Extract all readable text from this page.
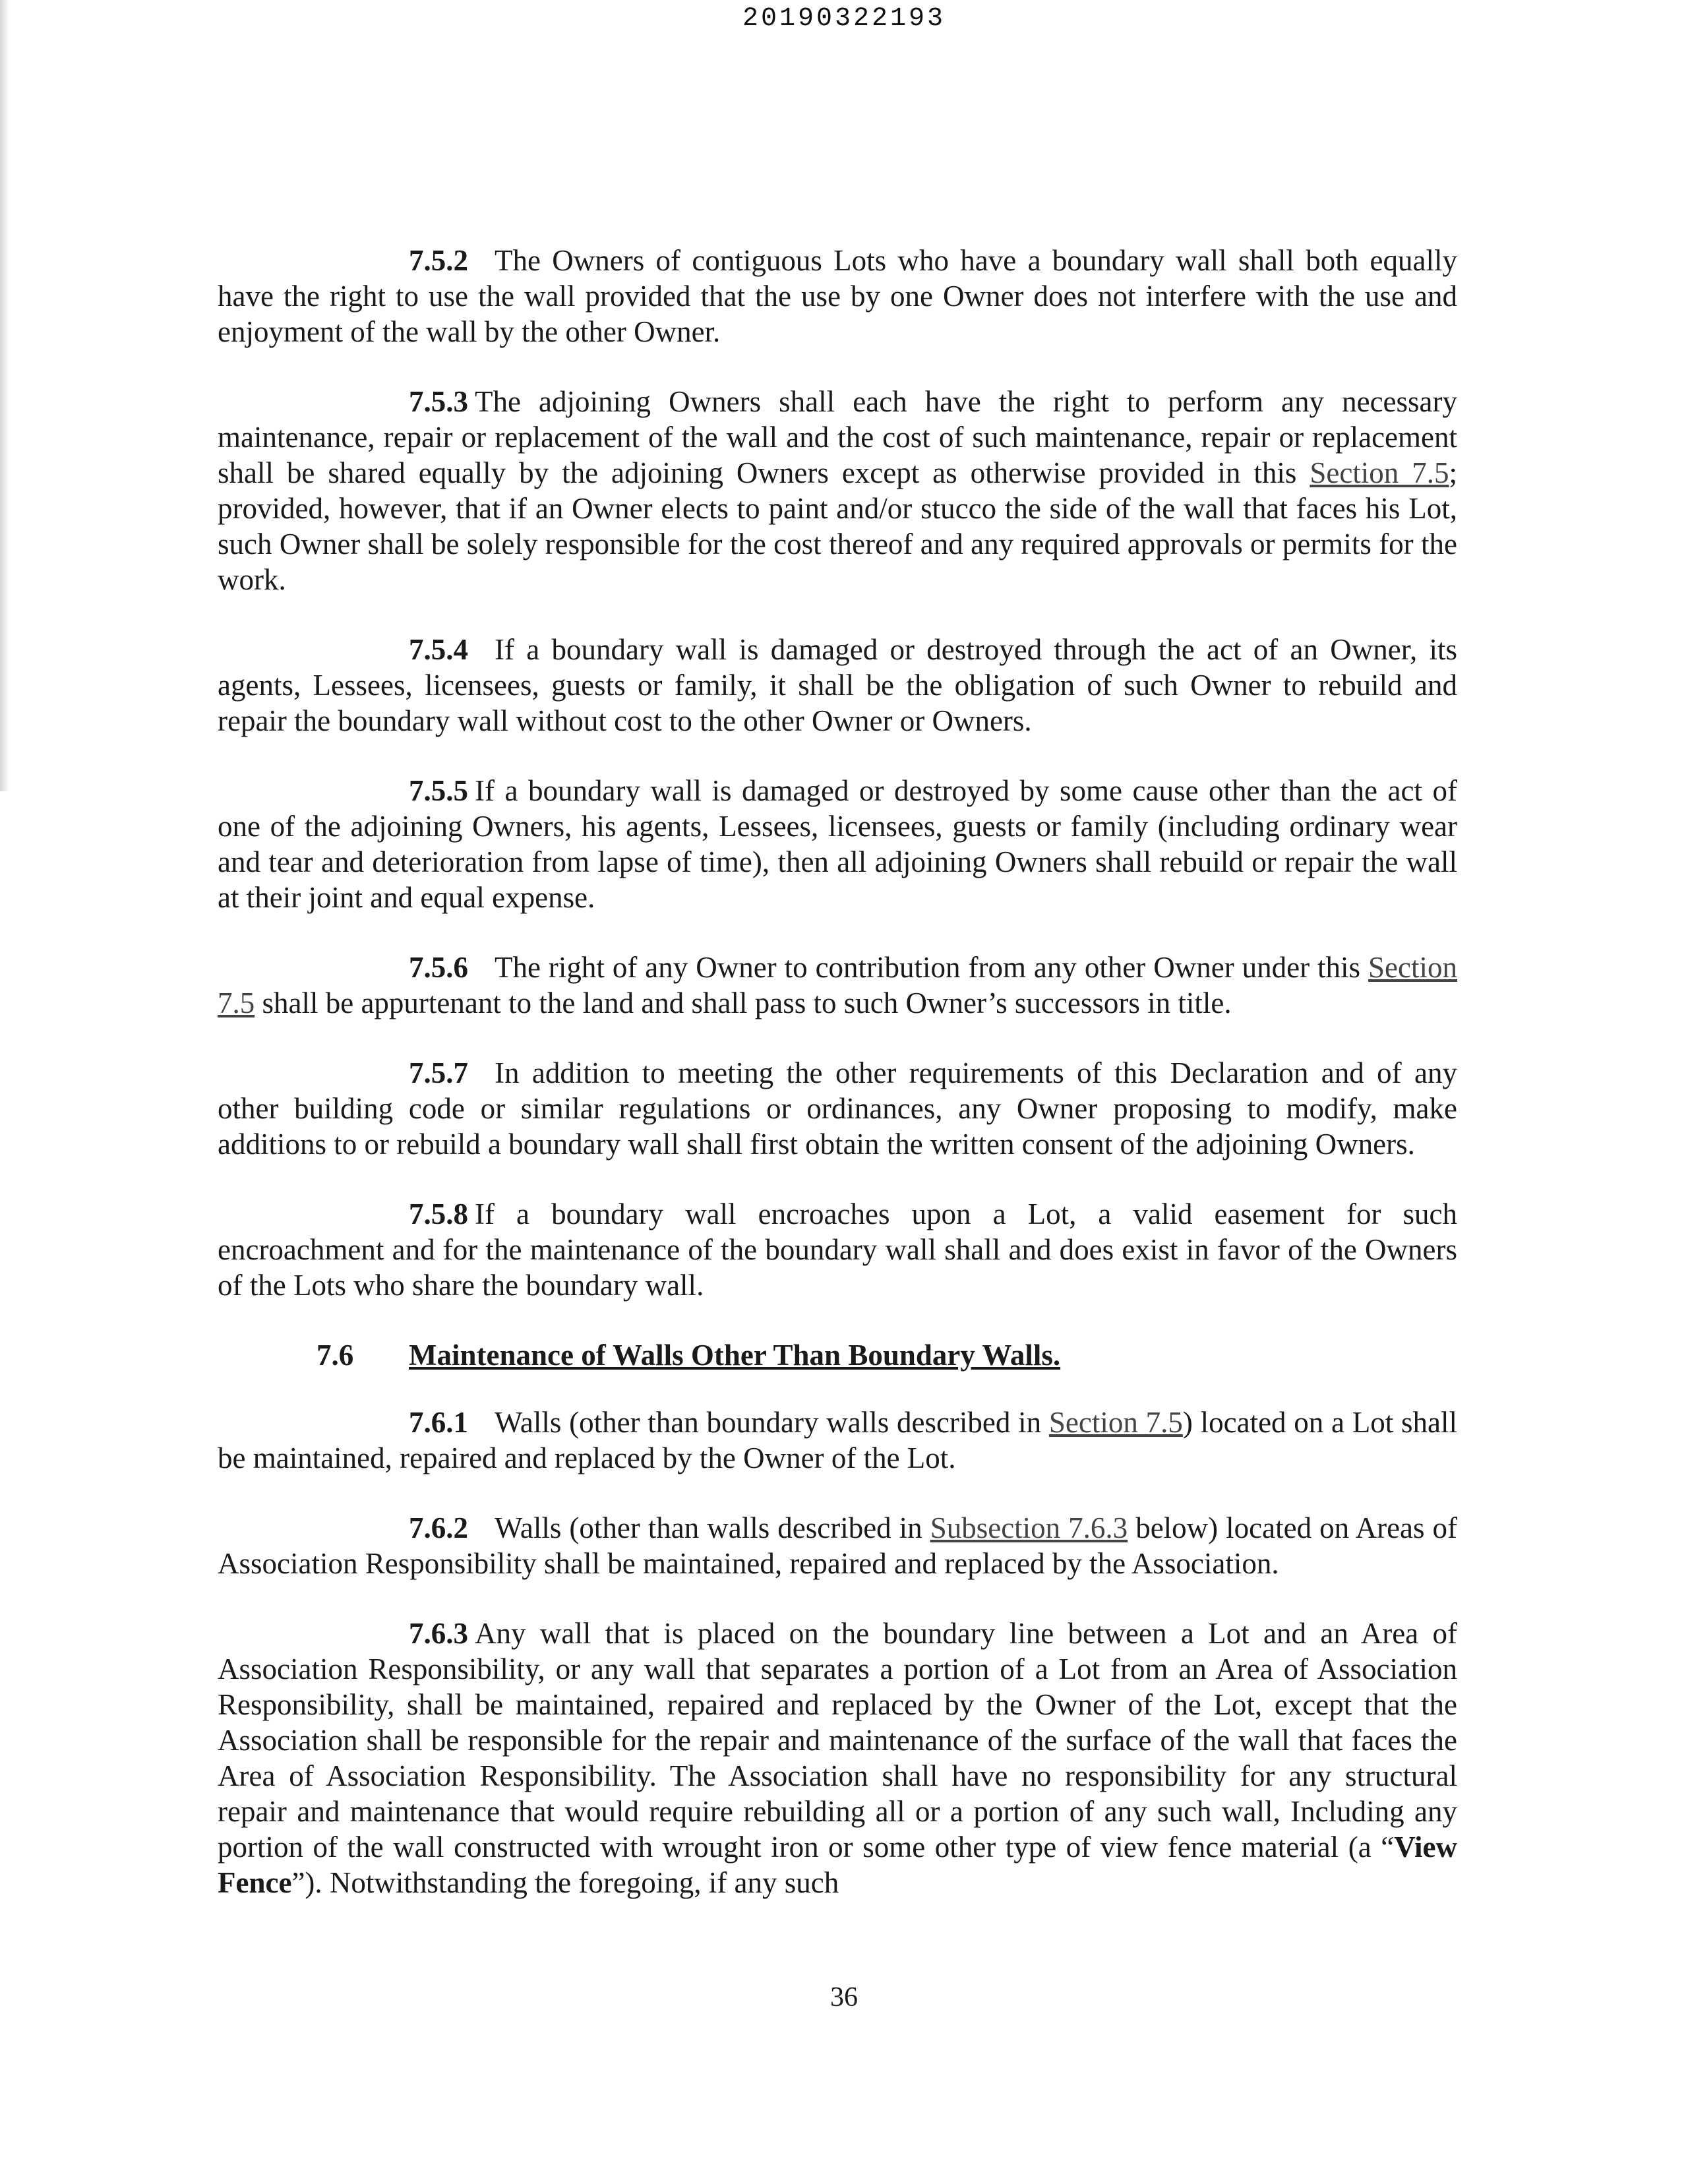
20190322193

7.5.2 The Owners of contiguous Lots who have a boundary wall shall both equally have the right to use the wall provided that the use by one Owner does not interfere with the use and enjoyment of the wall by the other Owner.

7.5.3 The adjoining Owners shall each have the right to perform any necessary maintenance, repair or replacement of the wall and the cost of such maintenance, repair or replacement shall be shared equally by the adjoining Owners except as otherwise provided in this Section 7.5; provided, however, that if an Owner elects to paint and/or stucco the side of the wall that faces his Lot, such Owner shall be solely responsible for the cost thereof and any required approvals or permits for the work.

7.5.4 If a boundary wall is damaged or destroyed through the act of an Owner, its agents, Lessees, licensees, guests or family, it shall be the obligation of such Owner to rebuild and repair the boundary wall without cost to the other Owner or Owners.

7.5.5 If a boundary wall is damaged or destroyed by some cause other than the act of one of the adjoining Owners, his agents, Lessees, licensees, guests or family (including ordinary wear and tear and deterioration from lapse of time), then all adjoining Owners shall rebuild or repair the wall at their joint and equal expense.

7.5.6 The right of any Owner to contribution from any other Owner under this Section 7.5 shall be appurtenant to the land and shall pass to such Owner’s successors in title.

7.5.7 In addition to meeting the other requirements of this Declaration and of any other building code or similar regulations or ordinances, any Owner proposing to modify, make additions to or rebuild a boundary wall shall first obtain the written consent of the adjoining Owners.

7.5.8 If a boundary wall encroaches upon a Lot, a valid easement for such encroachment and for the maintenance of the boundary wall shall and does exist in favor of the Owners of the Lots who share the boundary wall.

7.6 Maintenance of Walls Other Than Boundary Walls.

7.6.1 Walls (other than boundary walls described in Section 7.5) located on a Lot shall be maintained, repaired and replaced by the Owner of the Lot.

7.6.2 Walls (other than walls described in Subsection 7.6.3 below) located on Areas of Association Responsibility shall be maintained, repaired and replaced by the Association.

7.6.3 Any wall that is placed on the boundary line between a Lot and an Area of Association Responsibility, or any wall that separates a portion of a Lot from an Area of Association Responsibility, shall be maintained, repaired and replaced by the Owner of the Lot, except that the Association shall be responsible for the repair and maintenance of the surface of the wall that faces the Area of Association Responsibility. The Association shall have no responsibility for any structural repair and maintenance that would require rebuilding all or a portion of any such wall, Including any portion of the wall constructed with wrought iron or some other type of view fence material (a “View Fence”). Notwithstanding the foregoing, if any such

36
